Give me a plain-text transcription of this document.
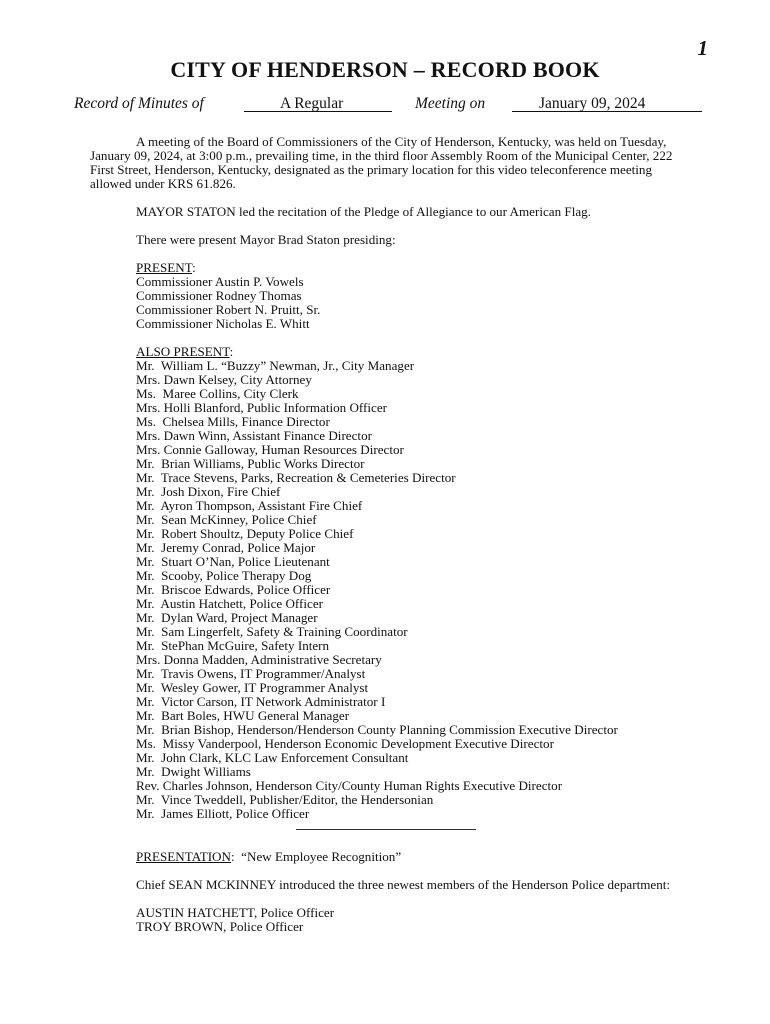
1
CITY OF HENDERSON – RECORD BOOK
Record of Minutes of	A Regular	Meeting on	January 09, 2024

A meeting of the Board of Commissioners of the City of Henderson, Kentucky, was held on Tuesday, January 09, 2024, at 3:00 p.m., prevailing time, in the third floor Assembly Room of the Municipal Center, 222 First Street, Henderson, Kentucky, designated as the primary location for this video teleconference meeting allowed under KRS 61.826.

MAYOR STATON led the recitation of the Pledge of Allegiance to our American Flag.

There were present Mayor Brad Staton presiding:

PRESENT:
Commissioner Austin P. Vowels
Commissioner Rodney Thomas
Commissioner Robert N. Pruitt, Sr.
Commissioner Nicholas E. Whitt
ALSO PRESENT:
Mr.  William L. “Buzzy” Newman, Jr., City Manager
Mrs. Dawn Kelsey, City Attorney
Ms.  Maree Collins, City Clerk
Mrs. Holli Blanford, Public Information Officer
Ms.  Chelsea Mills, Finance Director
Mrs. Dawn Winn, Assistant Finance Director
Mrs. Connie Galloway, Human Resources Director
Mr.  Brian Williams, Public Works Director
Mr.  Trace Stevens, Parks, Recreation & Cemeteries Director
Mr.  Josh Dixon, Fire Chief
Mr.  Ayron Thompson, Assistant Fire Chief
Mr.  Sean McKinney, Police Chief
Mr.  Robert Shoultz, Deputy Police Chief
Mr.  Jeremy Conrad, Police Major
Mr.  Stuart O’Nan, Police Lieutenant
Mr.  Scooby, Police Therapy Dog
Mr.  Briscoe Edwards, Police Officer
Mr.  Austin Hatchett, Police Officer
Mr.  Dylan Ward, Project Manager
Mr.  Sam Lingerfelt, Safety & Training Coordinator
Mr.  StePhan McGuire, Safety Intern
Mrs. Donna Madden, Administrative Secretary
Mr.  Travis Owens, IT Programmer/Analyst
Mr.  Wesley Gower, IT Programmer Analyst
Mr.  Victor Carson, IT Network Administrator I
Mr.  Bart Boles, HWU General Manager
Mr.  Brian Bishop, Henderson/Henderson County Planning Commission Executive Director
Ms.  Missy Vanderpool, Henderson Economic Development Executive Director
Mr.  John Clark, KLC Law Enforcement Consultant
Mr.  Dwight Williams
Rev. Charles Johnson, Henderson City/County Human Rights Executive Director
Mr.  Vince Tweddell, Publisher/Editor, the Hendersonian
Mr.  James Elliott, Police Officer
PRESENTATION:  “New Employee Recognition”

Chief SEAN MCKINNEY introduced the three newest members of the Henderson Police department:

AUSTIN HATCHETT, Police Officer
TROY BROWN, Police Officer
